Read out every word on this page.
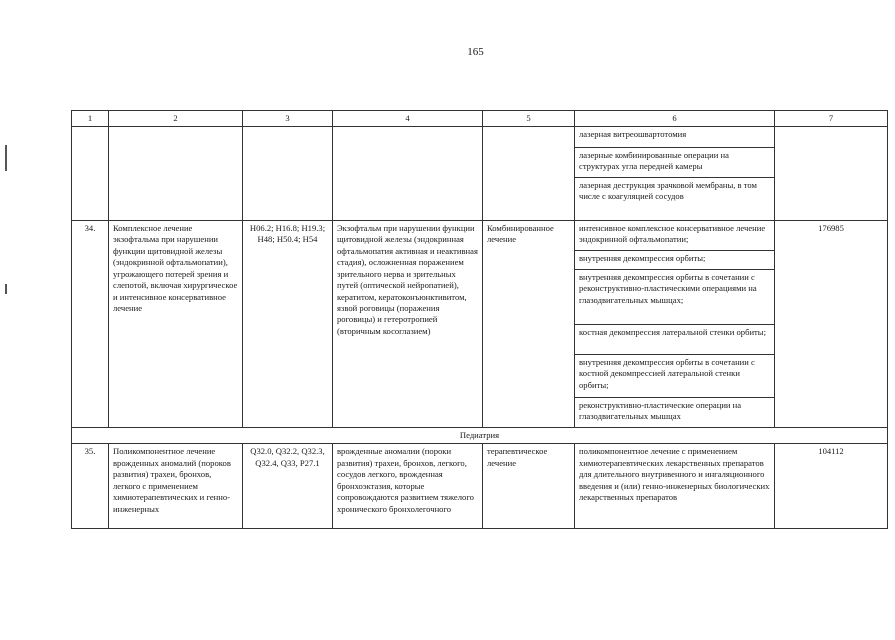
165
1	2	3	4	5	6	7
					лазерная витреошвартотомия	
					лазерные комбинированные операции на структурах угла передней камеры	
					лазерная деструкция зрачковой мембраны, в том числе с коагуляцией сосудов	
34.	Комплексное лечение экзофтальма при нарушении функции щитовидной железы (эндокринной офтальмопатии), угрожающего потерей зрения и слепотой, включая хирургическое и интенсивное консервативное лечение	H06.2; H16.8; H19.3; H48; H50.4; H54	Экзофтальм при нарушении функции щитовидной железы (эндокринная офтальмопатия активная и неактивная стадия), осложненная поражением зрительного нерва и зрительных путей (оптической нейропатией), кератитом, кератоконъюнктивитом, язвой роговицы (поражения роговицы) и гетеротропией (вторичным косоглазием)	Комбинированное лечение	интенсивное комплексное консервативное лечение эндокринной офтальмопатии;	176985
					внутренняя декомпрессия орбиты;	
					внутренняя декомпрессия орбиты в сочетании с реконструктивно-пластическими операциями на глазодвигательных мышцах;	
					костная декомпрессия латеральной стенки орбиты;	
					внутренняя декомпрессия орбиты в сочетании с костной декомпрессией латеральной стенки орбиты;	
					реконструктивно-пластические операции на глазодвигательных мышцах	
Педиатрия						
35.	Поликомпонентное лечение врожденных аномалий (пороков развития) трахеи, бронхов, легкого с применением химиотерапевтических и генно-инженерных	Q32.0, Q32.2, Q32.3, Q32.4, Q33, P27.1	врожденные аномалии (пороки развития) трахеи, бронхов, легкого, сосудов легкого, врожденная бронхоэктазия, которые сопровождаются развитием тяжелого хронического бронхолегочного	терапевтическое лечение	поликомпонентное лечение с применением химиотерапевтических лекарственных препаратов для длительного внутривенного и ингаляционного введения и (или) генно-инженерных биологических лекарственных препаратов	104112
